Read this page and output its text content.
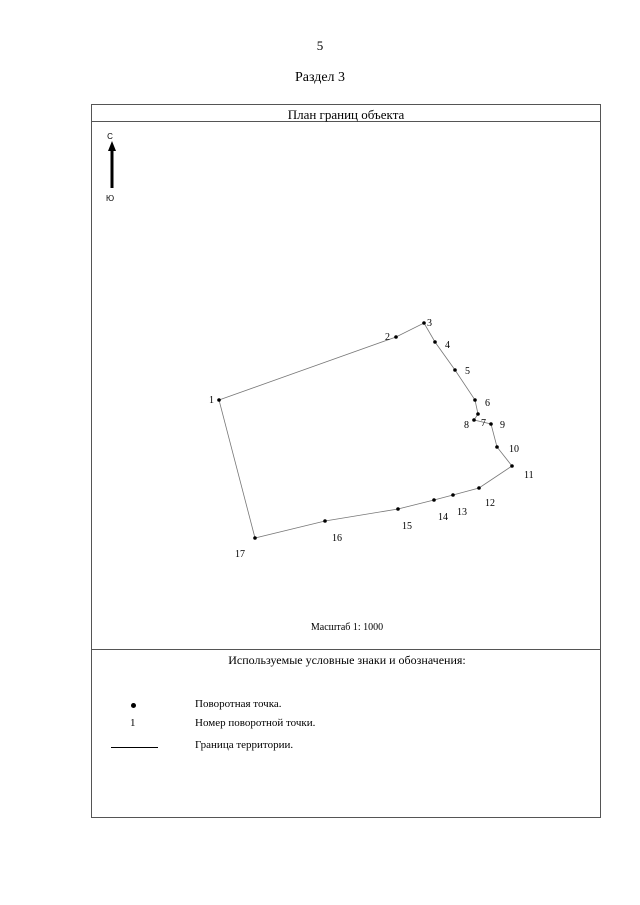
5
Раздел 3
План границ объекта
С
Ю
1
2
3
4
5
6
7
8	9
10
11
12
13
14
15
16
17
Масштаб 1: 1000
Используемые условные знаки и обозначения:
Поворотная точка.
1	Номер поворотной точки.
Граница территории.
